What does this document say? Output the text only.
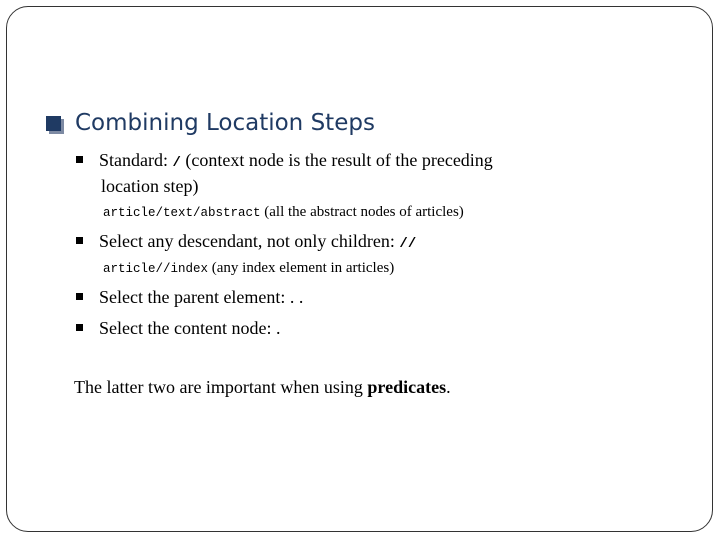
Combining Location Steps
Standard: / (context node is the result of the preceding
location step)
article/text/abstract (all the abstract nodes of articles)
Select any descendant, not only children: //
article//index (any index element in articles)
Select the parent element: . .
Select the content node: .
The latter two are important when using predicates.
